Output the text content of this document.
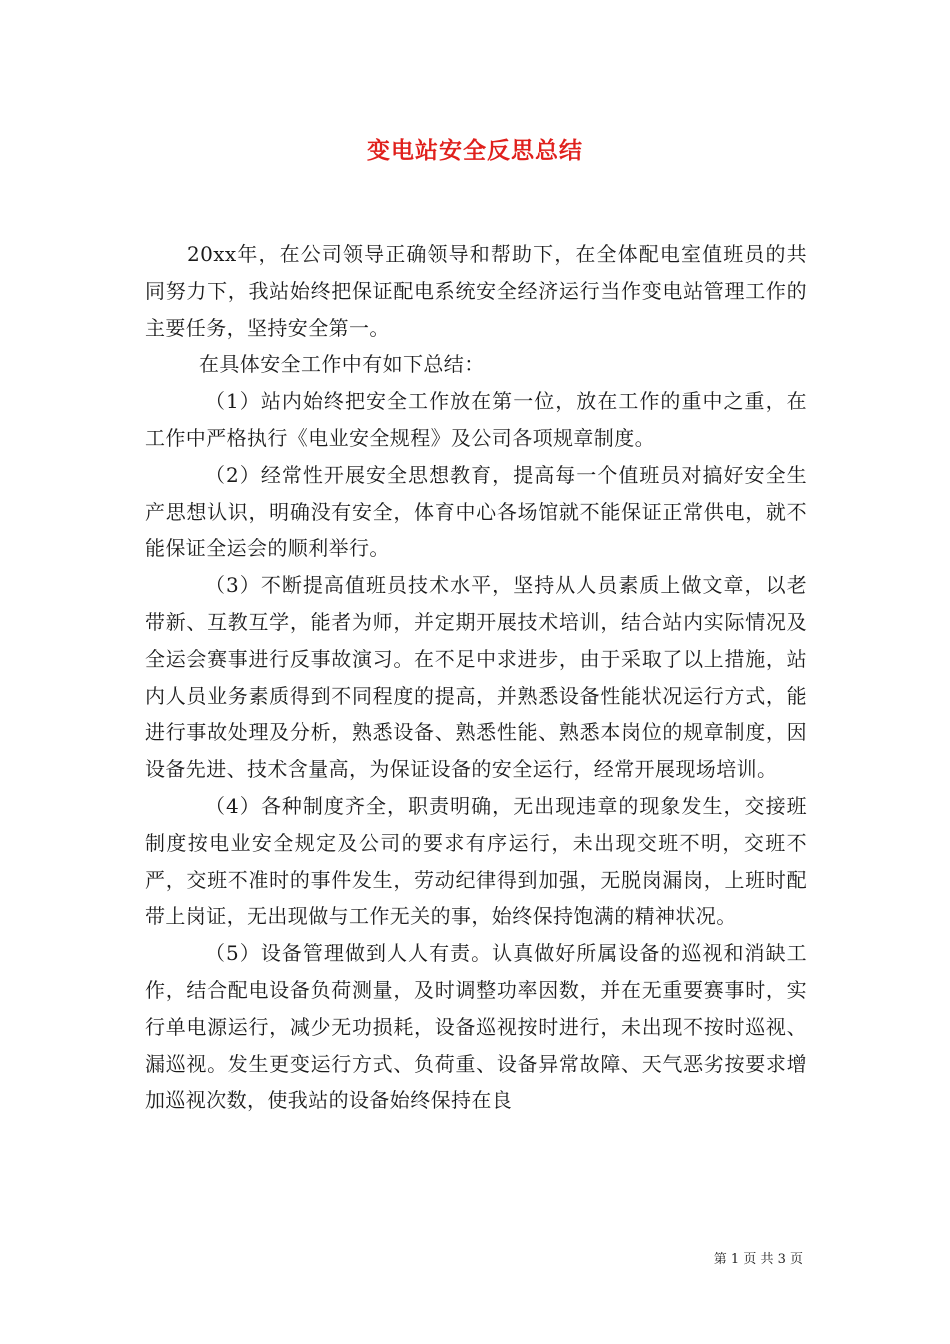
变电站安全反思总结

20xx年，在公司领导正确领导和帮助下，在全体配电室值班员的共同努力下，我站始终把保证配电系统安全经济运行当作变电站管理工作的主要任务，坚持安全第一。

在具体安全工作中有如下总结：

（1）站内始终把安全工作放在第一位，放在工作的重中之重，在工作中严格执行《电业安全规程》及公司各项规章制度。

（2）经常性开展安全思想教育，提高每一个值班员对搞好安全生产思想认识，明确没有安全，体育中心各场馆就不能保证正常供电，就不能保证全运会的顺利举行。

（3）不断提高值班员技术水平，坚持从人员素质上做文章，以老带新、互教互学，能者为师，并定期开展技术培训，结合站内实际情况及全运会赛事进行反事故演习。在不足中求进步，由于采取了以上措施，站内人员业务素质得到不同程度的提高，并熟悉设备性能状况运行方式，能进行事故处理及分析，熟悉设备、熟悉性能、熟悉本岗位的规章制度，因设备先进、技术含量高，为保证设备的安全运行，经常开展现场培训。

（4）各种制度齐全，职责明确，无出现违章的现象发生，交接班制度按电业安全规定及公司的要求有序运行，未出现交班不明，交班不严，交班不准时的事件发生，劳动纪律得到加强，无脱岗漏岗，上班时配带上岗证，无出现做与工作无关的事，始终保持饱满的精神状况。

（5）设备管理做到人人有责。认真做好所属设备的巡视和消缺工作，结合配电设备负荷测量，及时调整功率因数，并在无重要赛事时，实行单电源运行，减少无功损耗，设备巡视按时进行，未出现不按时巡视、漏巡视。发生更变运行方式、负荷重、设备异常故障、天气恶劣按要求增加巡视次数，使我站的设备始终保持在良

第 1 页 共 3 页
